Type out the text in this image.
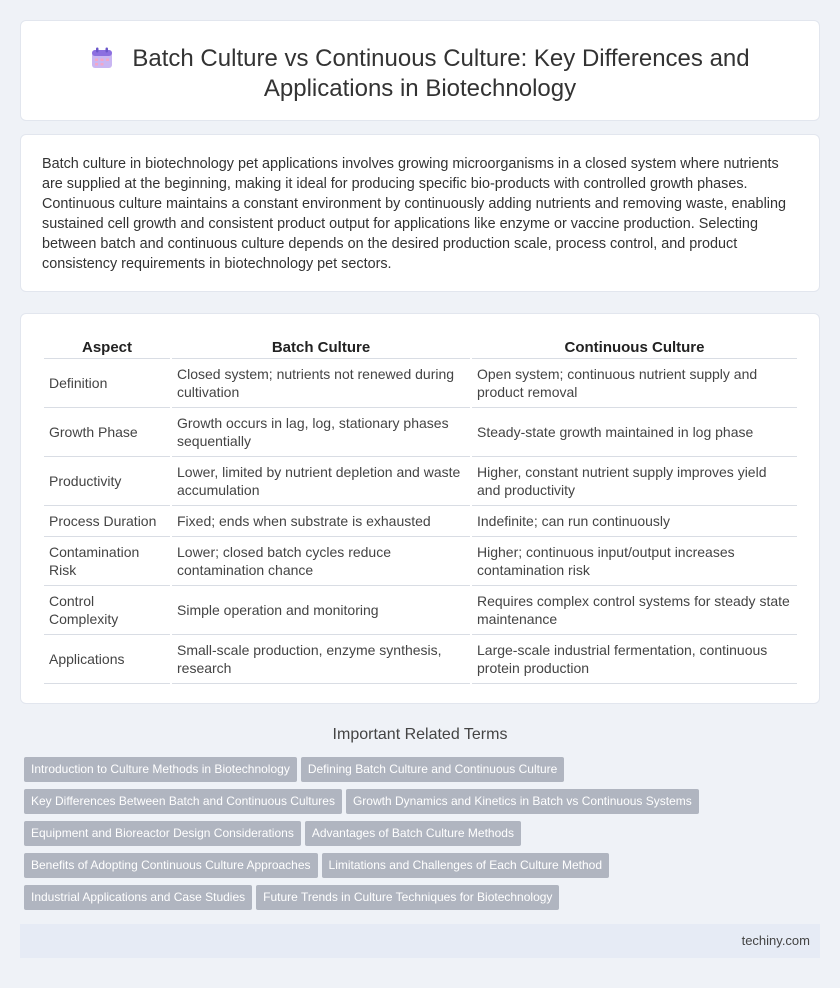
Batch Culture vs Continuous Culture: Key Differences and
Applications in Biotechnology

Batch culture in biotechnology pet applications involves growing microorganisms in a closed system where nutrients are supplied at the beginning, making it ideal for producing specific bio-products with controlled growth phases. Continuous culture maintains a constant environment by continuously adding nutrients and removing waste, enabling sustained cell growth and consistent product output for applications like enzyme or vaccine production. Selecting between batch and continuous culture depends on the desired production scale, process control, and product consistency requirements in biotechnology pet sectors.

Aspect	Batch Culture	Continuous Culture
Definition	Closed system; nutrients not renewed during cultivation	Open system; continuous nutrient supply and product removal
Growth Phase	Growth occurs in lag, log, stationary phases sequentially	Steady-state growth maintained in log phase
Productivity	Lower, limited by nutrient depletion and waste accumulation	Higher, constant nutrient supply improves yield and productivity
Process Duration	Fixed; ends when substrate is exhausted	Indefinite; can run continuously
Contamination Risk	Lower; closed batch cycles reduce contamination chance	Higher; continuous input/output increases contamination risk
Control Complexity	Simple operation and monitoring	Requires complex control systems for steady state maintenance
Applications	Small-scale production, enzyme synthesis, research	Large-scale industrial fermentation, continuous protein production
Important Related Terms
Introduction to Culture Methods in Biotechnology Defining Batch Culture and Continuous Culture
Key Differences Between Batch and Continuous Cultures Growth Dynamics and Kinetics in Batch vs Continuous Systems
Equipment and Bioreactor Design Considerations Advantages of Batch Culture Methods
Benefits of Adopting Continuous Culture Approaches Limitations and Challenges of Each Culture Method
Industrial Applications and Case Studies Future Trends in Culture Techniques for Biotechnology
techiny.com
